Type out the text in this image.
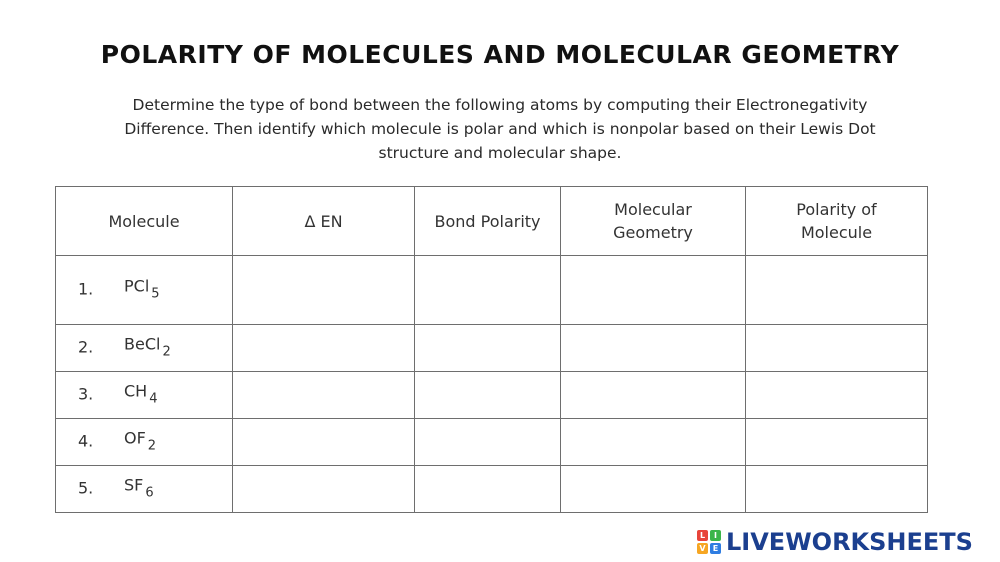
POLARITY OF MOLECULES AND MOLECULAR GEOMETRY
Determine the type of bond between the following atoms by computing their Electronegativity Difference. Then identify which molecule is polar and which is nonpolar based on their Lewis Dot structure and molecular shape.
Molecule	Δ EN	Bond Polarity	Molecular Geometry	Polarity of Molecule

1. PCl $_5$

2. BeCl $_2$

3. CH $_4$

4. OF $_2$

5. SF $_6$

L	I
V E LIVEWORKSHEETS
